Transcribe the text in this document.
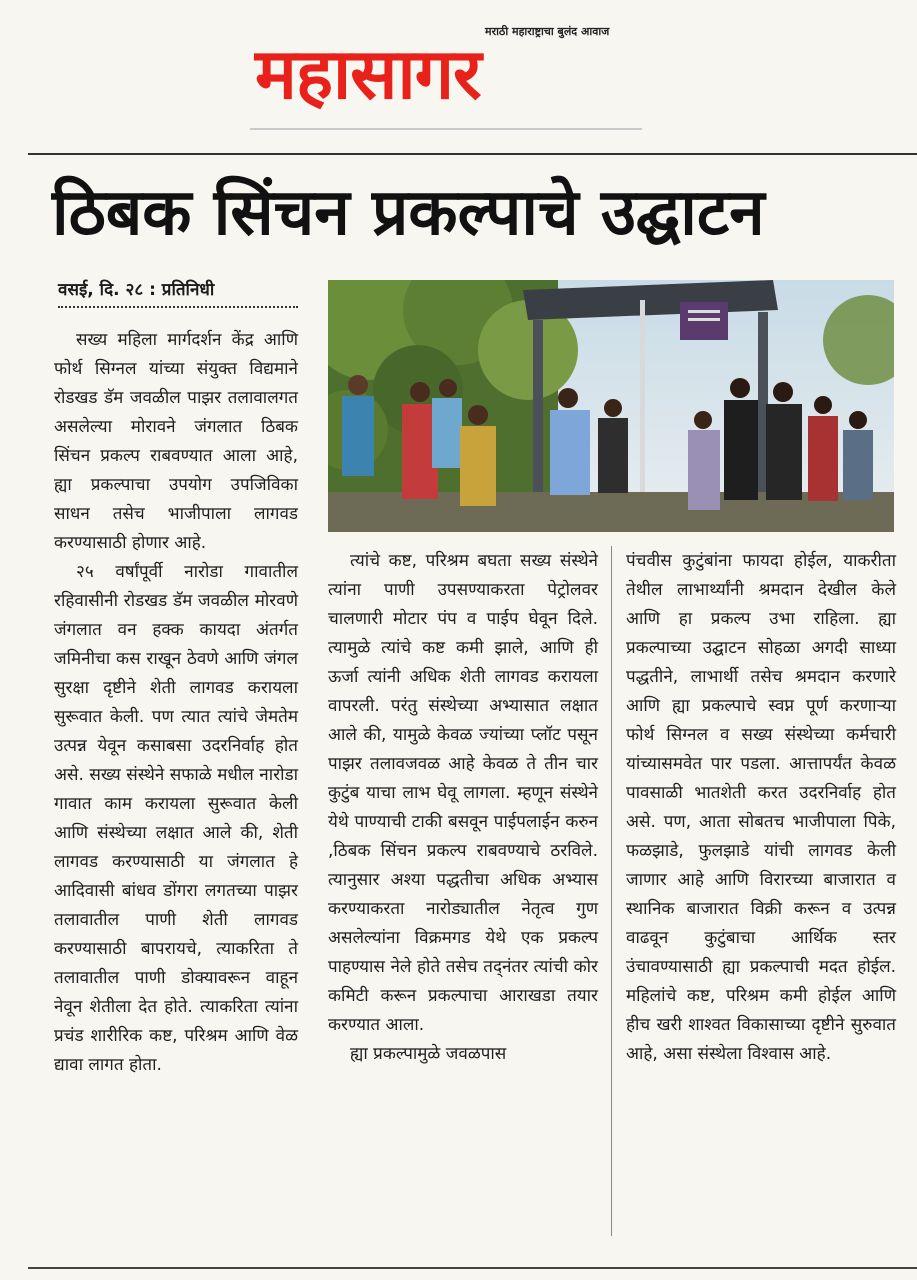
मराठी महाराष्ट्राचा बुलंद आवाज
महासागर
ठिबक सिंचन प्रकल्पाचे उद्घाटन
वसई, दि. २८ : प्रतिनिधी

सख्य महिला मार्गदर्शन केंद्र आणि फोर्थ सिग्नल यांच्या संयुक्त विद्यमाने रोडखड डॅम जवळील पाझर तलावालगत असलेल्या मोरावने जंगलात ठिबक सिंचन प्रकल्प राबवण्यात आला आहे, ह्या प्रकल्पाचा उपयोग उपजिविका साधन तसेच भाजीपाला लागवड करण्यासाठी होणार आहे.

२५ वर्षांपूर्वी नारोडा गावातील रहिवासीनी रोडखड डॅम जवळील मोरवणे जंगलात वन हक्क कायदा अंतर्गत जमिनीचा कस राखून ठेवणे आणि जंगल सुरक्षा दृष्टीने शेती लागवड करायला सुरूवात केली. पण त्यात त्यांचे जेमतेम उत्पन्न येवून कसाबसा उदरनिर्वाह होत असे. सख्य संस्थेने सफाळे मधील नारोडा गावात काम करायला सुरूवात केली आणि संस्थेच्या लक्षात आले की, शेती लागवड करण्यासाठी या जंगलात हे आदिवासी बांधव डोंगरा लगतच्या पाझर तलावातील पाणी शेती लागवड करण्यासाठी बापरायचे, त्याकरिता ते तलावातील पाणी डोक्यावरून वाहून नेवून शेतीला देत होते. त्याकरिता त्यांना प्रचंड शारीरिक कष्ट, परिश्रम आणि वेळ द्यावा लागत होता.

त्यांचे कष्ट, परिश्रम बघता सख्य संस्थेने त्यांना पाणी उपसण्याकरता पेट्रोलवर चालणारी मोटार पंप व पाईप घेवून दिले. त्यामुळे त्यांचे कष्ट कमी झाले, आणि ही ऊर्जा त्यांनी अधिक शेती लागवड करायला वापरली. परंतु संस्थेच्या अभ्यासात लक्षात आले की, यामुळे केवळ ज्यांच्या प्लॉट पसून पाझर तलावजवळ आहे केवळ ते तीन चार कुटुंब याचा लाभ घेवू लागला. म्हणून संस्थेने येथे पाण्याची टाकी बसवून पाईपलाईन करुन ,ठिबक सिंचन प्रकल्प राबवण्याचे ठरविले. त्यानुसार अश्या पद्धतीचा अधिक अभ्यास करण्याकरता नारोड्यातील नेतृत्व गुण असलेल्यांना विक्रमगड येथे एक प्रकल्प पाहण्यास नेले होते तसेच तद्नंतर त्यांची कोर कमिटी करून प्रकल्पाचा आराखडा तयार करण्यात आला.

ह्या प्रकल्पामुळे जवळपास

पंचवीस कुटुंबांना फायदा होईल, याकरीता तेथील लाभार्थ्यांनी श्रमदान देखील केले आणि हा प्रकल्प उभा राहिला. ह्या प्रकल्पाच्या उद्घाटन सोहळा अगदी साध्या पद्धतीने, लाभार्थी तसेच श्रमदान करणारे आणि ह्या प्रकल्पाचे स्वप्न पूर्ण करणाऱ्या फोर्थ सिग्नल व सख्य संस्थेच्या कर्मचारी यांच्यासमवेत पार पडला. आत्तापर्यंत केवळ पावसाळी भातशेती करत उदरनिर्वाह होत असे. पण, आता सोबतच भाजीपाला पिके, फळझाडे, फुलझाडे यांची लागवड केली जाणार आहे आणि विरारच्या बाजारात व स्थानिक बाजारात विक्री करून व उत्पन्न वाढवून कुटुंबाचा आर्थिक स्तर उंचावण्यासाठी ह्या प्रकल्पाची मदत होईल. महिलांचे कष्ट, परिश्रम कमी होईल आणि हीच खरी शाश्वत विकासाच्या दृष्टीने सुरुवात आहे, असा संस्थेला विश्वास आहे.
